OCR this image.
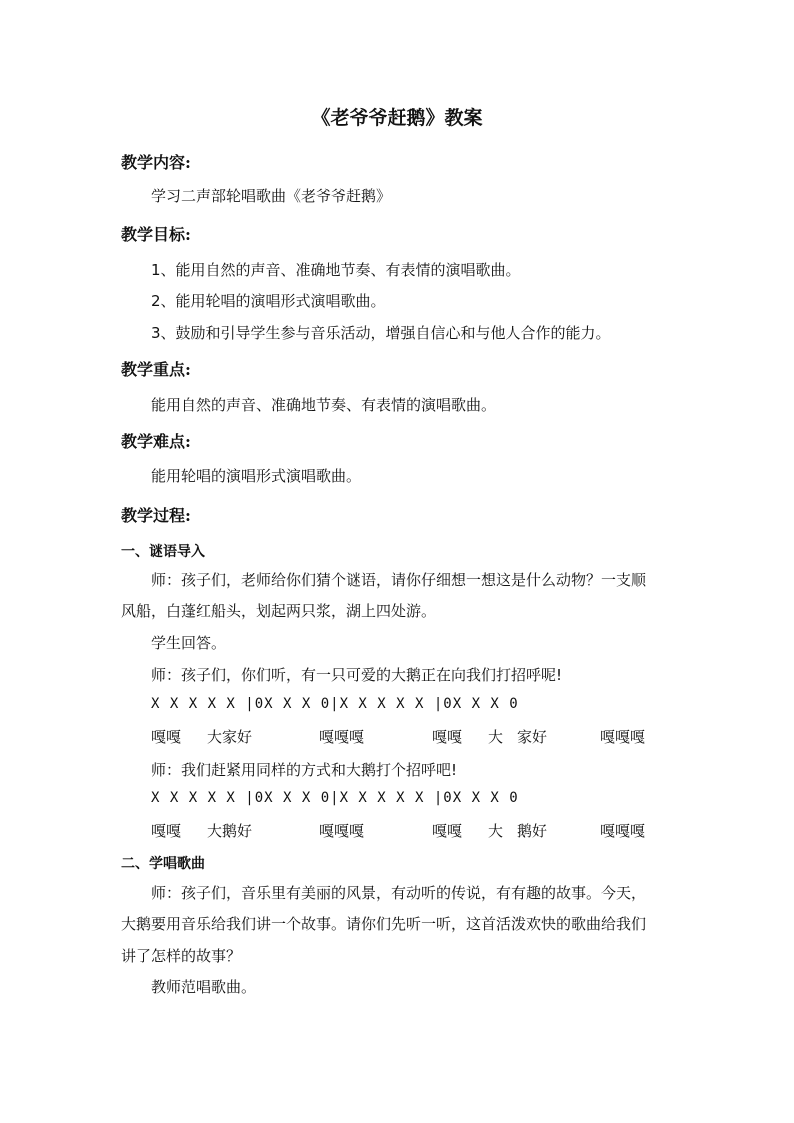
《老爷爷赶鹅》教案
教学内容:
学习二声部轮唱歌曲《老爷爷赶鹅》
教学目标:
1、能用自然的声音、准确地节奏、有表情的演唱歌曲。
2、能用轮唱的演唱形式演唱歌曲。
3、鼓励和引导学生参与音乐活动，增强自信心和与他人合作的能力。
教学重点:
能用自然的声音、准确地节奏、有表情的演唱歌曲。
教学难点:
能用轮唱的演唱形式演唱歌曲。
教学过程:
一、谜语导入
师：孩子们，老师给你们猜个谜语，请你仔细想一想这是什么动物？一支顺
风船，白蓬红船头，划起两只浆，湖上四处游。
学生回答。
师：孩子们，你们听，有一只可爱的大鹅正在向我们打招呼呢!
X X X X X |0X X X 0|X X X X X |0X X X 0
嘎嘎 大家好	嘎嘎嘎	嘎嘎 大 家好	嘎嘎嘎
师：我们赶紧用同样的方式和大鹅打个招呼吧!
X X X X X |0X X X 0|X X X X X |0X X X 0
嘎嘎 大鹅好	嘎嘎嘎	嘎嘎 大 鹅好	嘎嘎嘎
二、学唱歌曲
师：孩子们，音乐里有美丽的风景，有动听的传说，有有趣的故事。今天，
大鹅要用音乐给我们讲一个故事。请你们先听一听，这首活泼欢快的歌曲给我们
讲了怎样的故事？
教师范唱歌曲。
